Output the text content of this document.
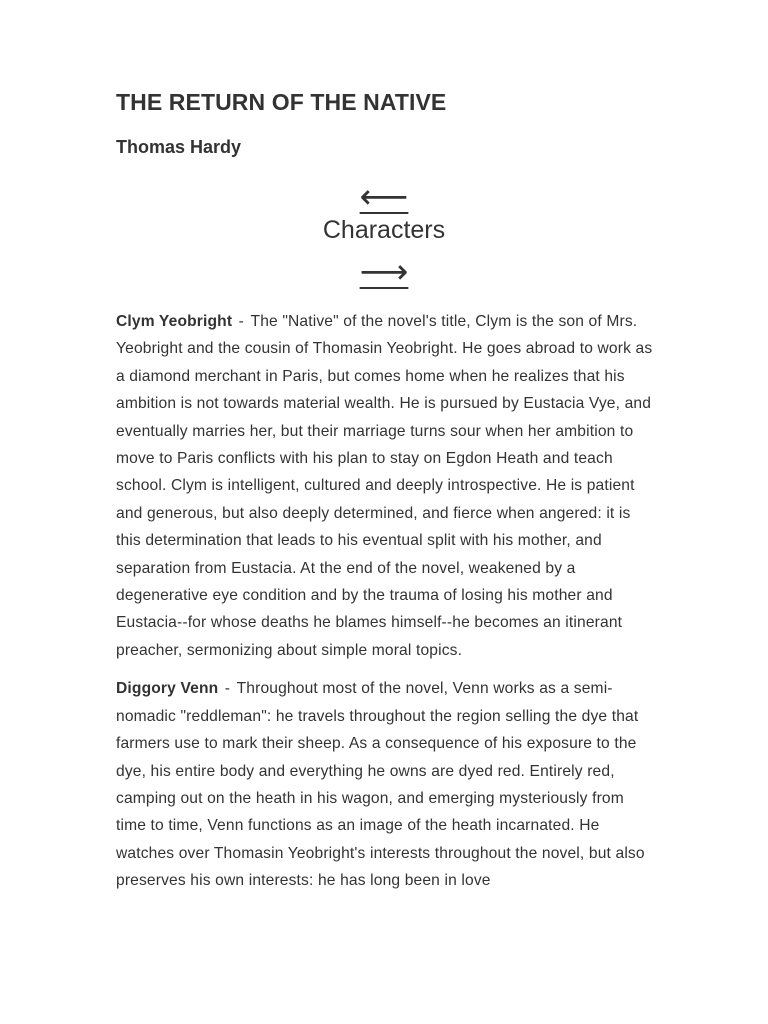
THE RETURN OF THE NATIVE
Thomas Hardy
⟵
Characters
⟶

Clym Yeobright - The "Native" of the novel's title, Clym is the son of Mrs. Yeobright and the cousin of Thomasin Yeobright. He goes abroad to work as a diamond merchant in Paris, but comes home when he realizes that his ambition is not towards material wealth. He is pursued by Eustacia Vye, and eventually marries her, but their marriage turns sour when her ambition to move to Paris conflicts with his plan to stay on Egdon Heath and teach school. Clym is intelligent, cultured and deeply introspective. He is patient and generous, but also deeply determined, and fierce when angered: it is this determination that leads to his eventual split with his mother, and separation from Eustacia. At the end of the novel, weakened by a degenerative eye condition and by the trauma of losing his mother and Eustacia--for whose deaths he blames himself--he becomes an itinerant preacher, sermonizing about simple moral topics.

Diggory Venn - Throughout most of the novel, Venn works as a semi-nomadic "reddleman": he travels throughout the region selling the dye that farmers use to mark their sheep. As a consequence of his exposure to the dye, his entire body and everything he owns are dyed red. Entirely red, camping out on the heath in his wagon, and emerging mysteriously from time to time, Venn functions as an image of the heath incarnated. He watches over Thomasin Yeobright's interests throughout the novel, but also preserves his own interests: he has long been in love
